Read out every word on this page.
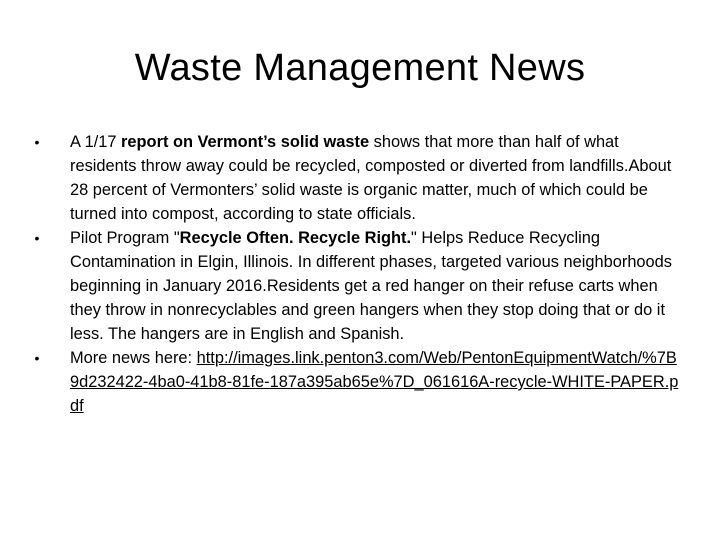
Waste Management News
• A 1/17 report on Vermont’s solid waste shows that more than half of what residents throw away could be recycled, composted or diverted from landfills.About 28 percent of Vermonters’ solid waste is organic matter, much of which could be turned into compost, according to state officials.
• Pilot Program "Recycle Often. Recycle Right." Helps Reduce Recycling Contamination in Elgin, Illinois. In different phases, targeted various neighborhoods beginning in January 2016.Residents get a red hanger on their refuse carts when they throw in nonrecyclables and green hangers when they stop doing that or do it less. The hangers are in English and Spanish.
• More news here: http://images.link.penton3.com/Web/PentonEquipmentWatch/%7B9d232422-4ba0-41b8-81fe-187a395ab65e%7D_061616A-recycle-WHITE-PAPER.pdf
